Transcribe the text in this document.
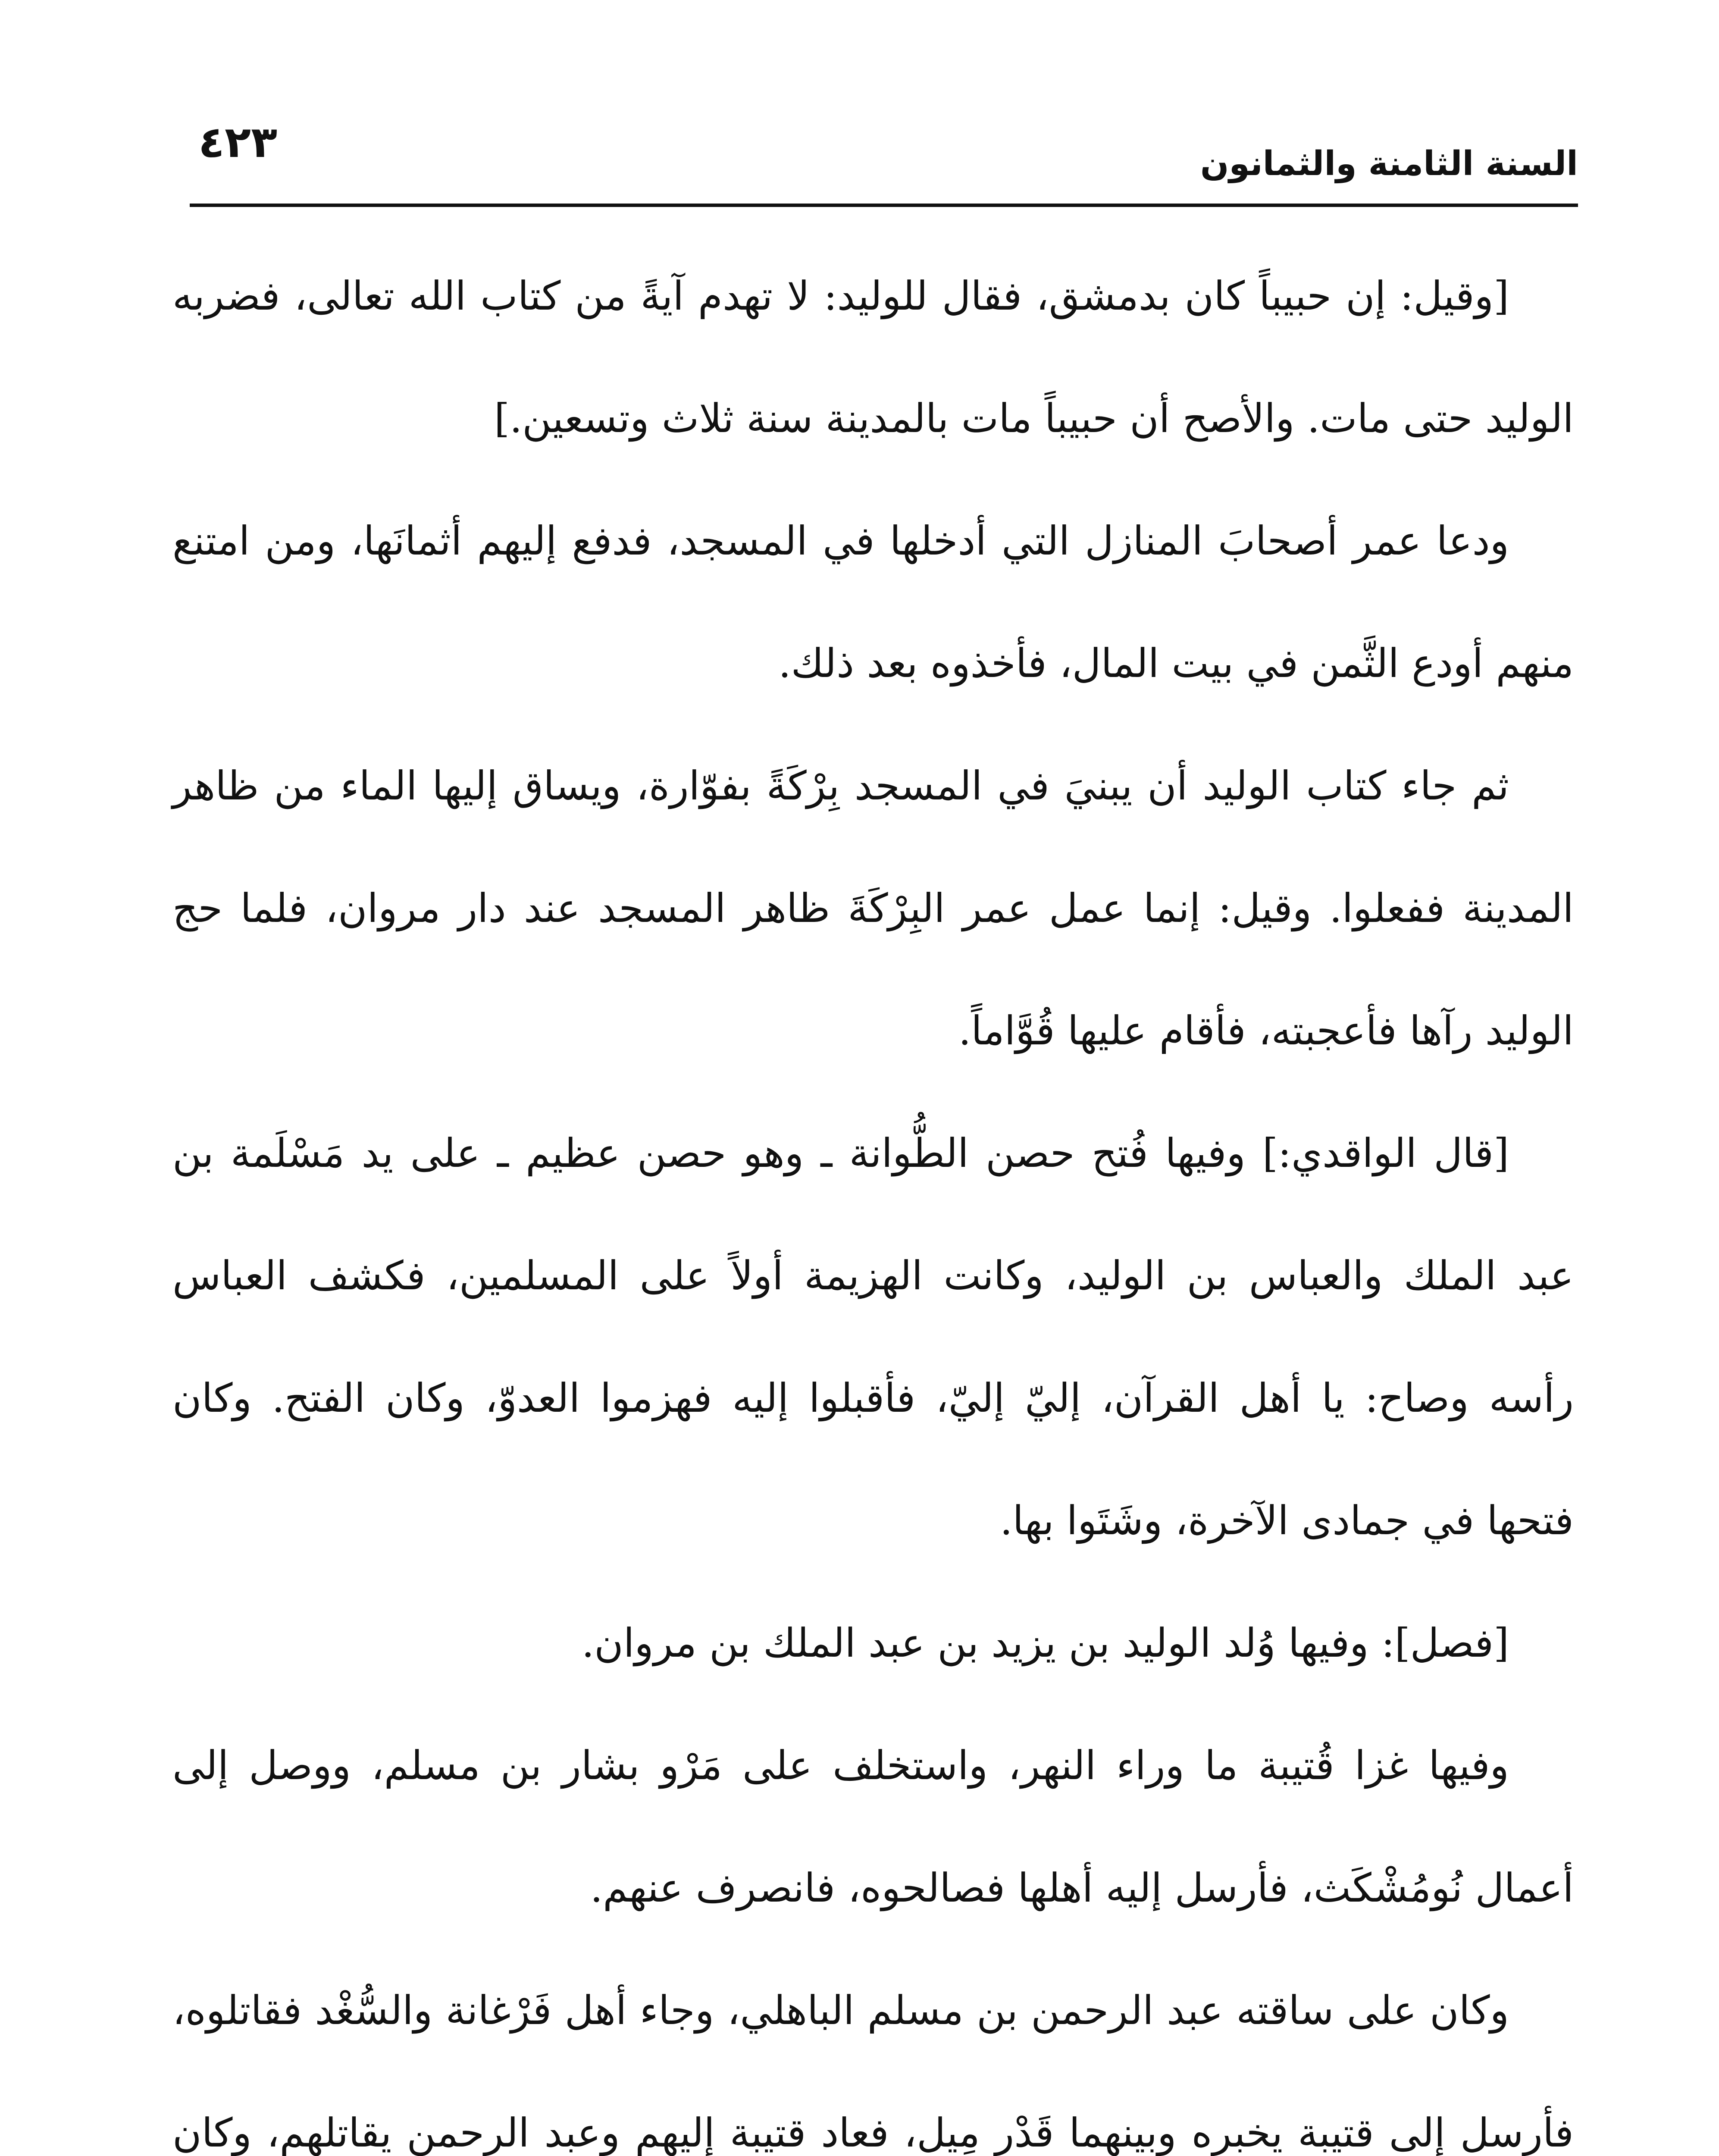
السنة الثامنة والثمانون
٤٢٣

[وقيل: إن حبيباً كان بدمشق، فقال للوليد: لا تهدم آيةً من كتاب الله تعالى، فضربه الوليد حتى مات. والأصح أن حبيباً مات بالمدينة سنة ثلاث وتسعين.]

ودعا عمر أصحابَ المنازل التي أدخلها في المسجد، فدفع إليهم أثمانَها، ومن امتنع منهم أودع الثَّمن في بيت المال، فأخذوه بعد ذلك.

ثم جاء كتاب الوليد أن يبنيَ في المسجد بِرْكَةً بفوّارة، ويساق إليها الماء من ظاهر المدينة ففعلوا. وقيل: إنما عمل عمر البِرْكَةَ ظاهر المسجد عند دار مروان، فلما حج الوليد رآها فأعجبته، فأقام عليها قُوَّاماً.

[قال الواقدي:] وفيها فُتح حصن الطُّوانة ـ وهو حصن عظيم ـ على يد مَسْلَمة بن عبد الملك والعباس بن الوليد، وكانت الهزيمة أولاً على المسلمين، فكشف العباس رأسه وصاح: يا أهل القرآن، إليّ إليّ، فأقبلوا إليه فهزموا العدوّ، وكان الفتح. وكان فتحها في جمادى الآخرة، وشَتَوا بها.

[فصل]: وفيها وُلد الوليد بن يزيد بن عبد الملك بن مروان.

وفيها غزا قُتيبة ما وراء النهر، واستخلف على مَرْو بشار بن مسلم، ووصل إلى أعمال نُومُشْكَث، فأرسل إليه أهلها فصالحوه، فانصرف عنهم.

وكان على ساقته عبد الرحمن بن مسلم الباهلي، وجاء أهل فَرْغانة والسُّغْد فقاتلوه، فأرسل إلى قتيبة يخبره وبينهما قَدْر مِيل، فعاد قتيبة إليهم وعبد الرحمن يقاتلهم، وكان
